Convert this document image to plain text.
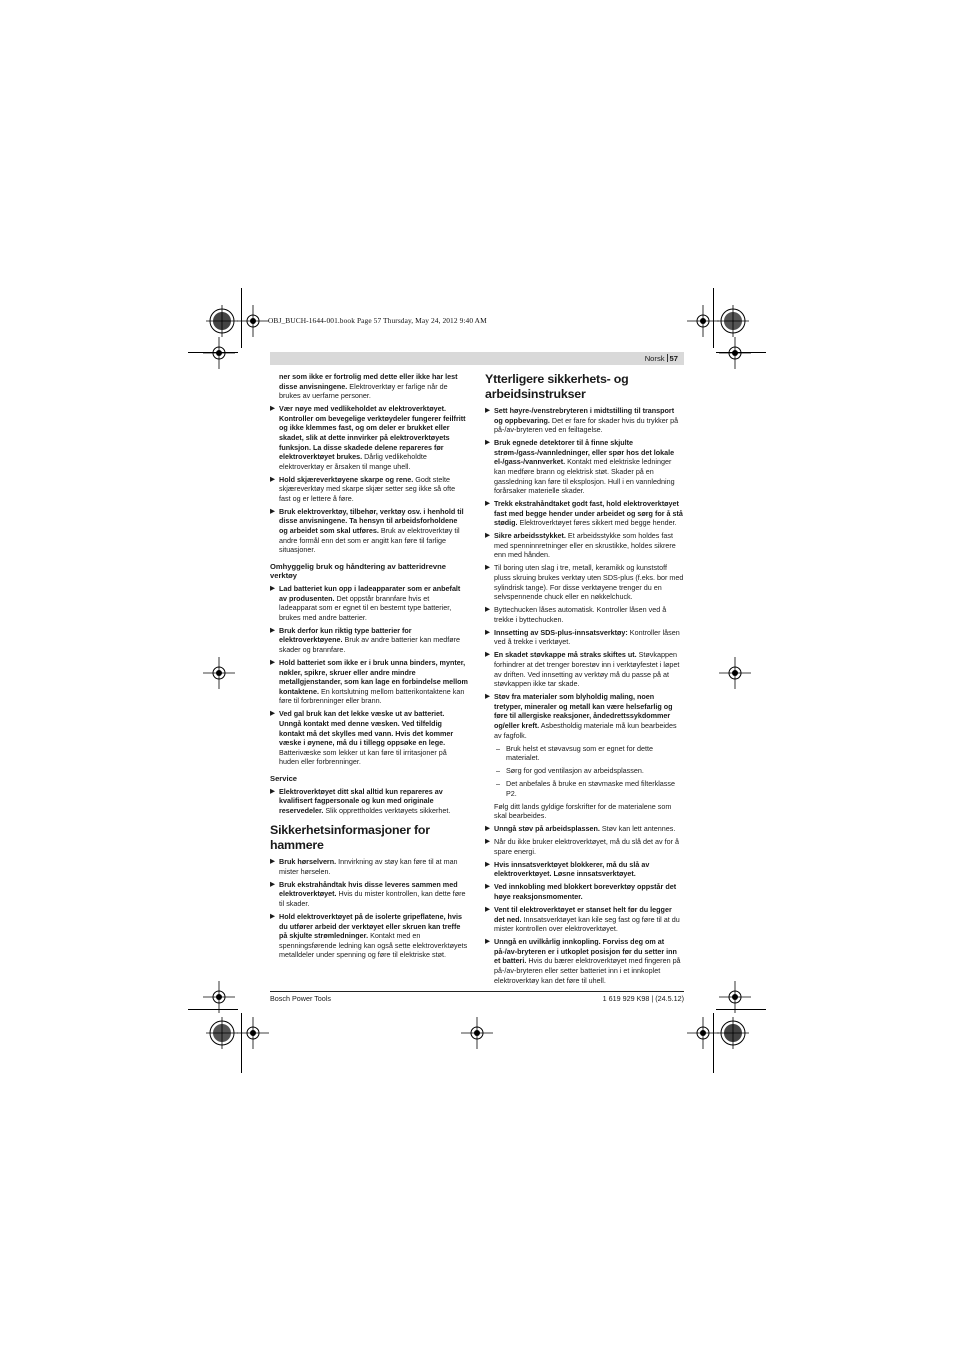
OBJ_BUCH-1644-001.book Page 57 Thursday, May 24, 2012 9:40 AM
Norsk 57
ner som ikke er fortrolig med dette eller ikke har lest disse anvisningene. Elektroverktøy er farlige når de brukes av uerfarne personer.
▶ Vær nøye med vedlikeholdet av elektroverktøyet. Kontroller om bevegelige verktøydeler fungerer feilfritt og ikke klemmes fast, og om deler er brukket eller skadet, slik at dette innvirker på elektroverktøyets funksjon. La disse skadede delene repareres før elektroverktøyet brukes. Dårlig vedlikeholdte elektroverktøy er årsaken til mange uhell.
▶ Hold skjæreverktøyene skarpe og rene. Godt stelte skjæreverktøy med skarpe skjær setter seg ikke så ofte fast og er lettere å føre.
▶ Bruk elektroverktøy, tilbehør, verktøy osv. i henhold til disse anvisningene. Ta hensyn til arbeidsforholdene og arbeidet som skal utføres. Bruk av elektroverktøy til andre formål enn det som er angitt kan føre til farlige situasjoner.
Omhyggelig bruk og håndtering av batteridrevne verktøy
▶ Lad batteriet kun opp i ladeapparater som er anbefalt av produsenten. Det oppstår brannfare hvis et ladeapparat som er egnet til en bestemt type batterier, brukes med andre batterier.
▶ Bruk derfor kun riktig type batterier for elektroverktøyene. Bruk av andre batterier kan medføre skader og brannfare.
▶ Hold batteriet som ikke er i bruk unna binders, mynter, nøkler, spikre, skruer eller andre mindre metallgjenstander, som kan lage en forbindelse mellom kontaktene. En kortslutning mellom batterikontaktene kan føre til forbrenninger eller brann.
▶ Ved gal bruk kan det lekke væske ut av batteriet. Unngå kontakt med denne væsken. Ved tilfeldig kontakt må det skylles med vann. Hvis det kommer væske i øynene, må du i tillegg oppsøke en lege. Batterivæske som lekker ut kan føre til irritasjoner på huden eller forbrenninger.
Service
▶ Elektroverktøyet ditt skal alltid kun repareres av kvalifisert fagpersonale og kun med originale reservedeler. Slik opprettholdes verktøyets sikkerhet.
Sikkerhetsinformasjoner for hammere
▶ Bruk hørselvern. Innvirkning av støy kan føre til at man mister hørselen.
▶ Bruk ekstrahåndtak hvis disse leveres sammen med elektroverktøyet. Hvis du mister kontrollen, kan dette føre til skader.
▶ Hold elektroverktøyet på de isolerte gripeflatene, hvis du utfører arbeid der verktøyet eller skruen kan treffe på skjulte strømledninger. Kontakt med en spenningsførende ledning kan også sette elektroverktøyets metalldeler under spenning og føre til elektriske støt.
Ytterligere sikkerhets- og arbeidsinstrukser
▶ Sett høyre-/venstrebryteren i midtstilling til transport og oppbevaring. Det er fare for skader hvis du trykker på på-/av-bryteren ved en feiltagelse.
▶ Bruk egnede detektorer til å finne skjulte strøm-/gass-/vannledninger, eller spør hos det lokale el-/gass-/vannverket. Kontakt med elektriske ledninger kan medføre brann og elektrisk støt. Skader på en gassledning kan føre til eksplosjon. Hull i en vannledning forårsaker materielle skader.
▶ Trekk ekstrahåndtaket godt fast, hold elektroverktøyet fast med begge hender under arbeidet og sørg for å stå stødig. Elektroverktøyet føres sikkert med begge hender.
▶ Sikre arbeidsstykket. Et arbeidsstykke som holdes fast med spenninnretninger eller en skrustikke, holdes sikrere enn med hånden.
▶ Til boring uten slag i tre, metall, keramikk og kunststoff pluss skruing brukes verktøy uten SDS-plus (f.eks. bor med sylindrisk tange). For disse verktøyene trenger du en selvspennende chuck eller en nøkkelchuck.
▶ Byttechucken låses automatisk. Kontroller låsen ved å trekke i byttechucken.
▶ Innsetting av SDS-plus-innsatsverktøy: Kontroller låsen ved å trekke i verktøyet.
▶ En skadet støvkappe må straks skiftes ut. Støvkappen forhindrer at det trenger borestøv inn i verktøyfestet i løpet av driften. Ved innsetting av verktøy må du passe på at støvkappen ikke tar skade.
▶ Støv fra materialer som blyholdig maling, noen tretyper, mineraler og metall kan være helsefarlig og føre til allergiske reaksjoner, åndedrettssykdommer og/eller kreft. Asbestholdig materiale må kun bearbeides av fagfolk.
– Bruk helst et støvavsug som er egnet for dette materialet.
– Sørg for god ventilasjon av arbeidsplassen.
– Det anbefales å bruke en støvmaske med filterklasse P2.
Følg ditt lands gyldige forskrifter for de materialene som skal bearbeides.
▶ Unngå støv på arbeidsplassen. Støv kan lett antennes.
▶ Når du ikke bruker elektroverktøyet, må du slå det av for å spare energi.
▶ Hvis innsatsverktøyet blokkerer, må du slå av elektroverktøyet. Løsne innsatsverktøyet.
▶ Ved innkobling med blokkert boreverktøy oppstår det høye reaksjonsmomenter.
▶ Vent til elektroverktøyet er stanset helt før du legger det ned. Innsatsverktøyet kan kile seg fast og føre til at du mister kontrollen over elektroverktøyet.
▶ Unngå en uvilkårlig innkopling. Forviss deg om at på-/av-bryteren er i utkoplet posisjon før du setter inn et batteri. Hvis du bærer elektroverktøyet med fingeren på på-/av-bryteren eller setter batteriet inn i et innkoplet elektroverktøy kan det føre til uhell.
Bosch Power Tools	1 619 929 K98 | (24.5.12)
